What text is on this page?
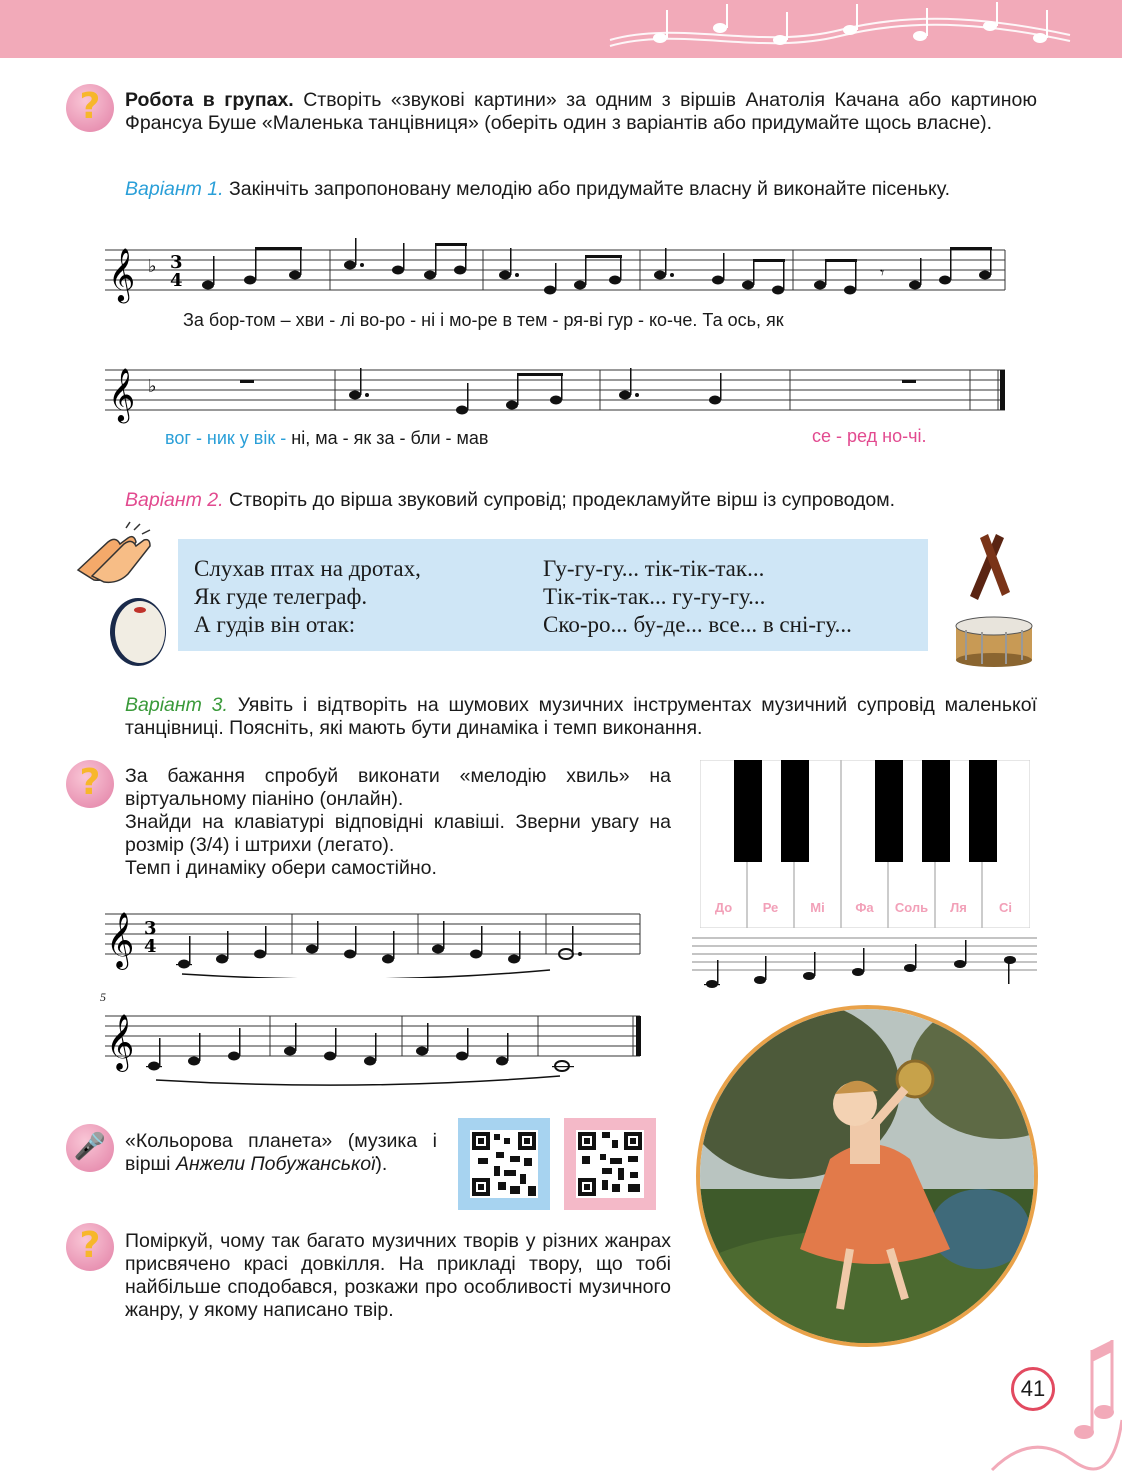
?	Робота в групах. Створіть «звукові картини» за одним з віршів Анатолія Качана або картиною Франсуа Буше «Маленька танцівниця» (оберіть один з варіантів або придумайте щось власне).
Варіант 1. Закінчіть запропоновану мелодію або придумайте власну й виконайте пісеньку.
𝄞 ♭ 3
4	𝄾
За бор-том – хви - лі во-ро - ні і мо-ре в тем - ря-ві гур - ко-че. Та ось, як
𝄞 ♭
вог - ник у вік - ні, ма - як за - бли - мав	се - ред но-чі.
Варіант 2. Створіть до вірша звуковий супровід; продекламуйте вірш із супроводом.
Слухав птах на дротах,
Як гуде телеграф.
А гудів він отак:
Гу-гу-гу... тік-тік-так...
Тік-тік-так... гу-гу-гу...
Ско-ро... бу-де... все... в сні-гу...
Варіант 3. Уявіть і відтворіть на шумових музичних інструментах музичний супровід маленької танцівниці. Поясніть, які мають бути динаміка і темп виконання.
?	За бажання спробуй виконати «мелодію хвиль» на віртуальному піаніно (онлайн).
Знайди на клавіатурі відповідні клавіші. Зверни увагу на розмір (3/4) і штрихи (легато).
Темп і динаміку обери самостійно.
𝄞 3
4
5
𝄞
До	Ре	Мі	Фа	Соль	Ля	Сі
🎤 «Кольорова планета» (музика і вірші Анжели Побужанської).
?	Поміркуй, чому так багато музичних творів у різних жанрах присвячено красі довкілля. На прикладі твору, що тобі найбільше сподобався, розкажи про особливості музичного жанру, у якому написано твір.
41
